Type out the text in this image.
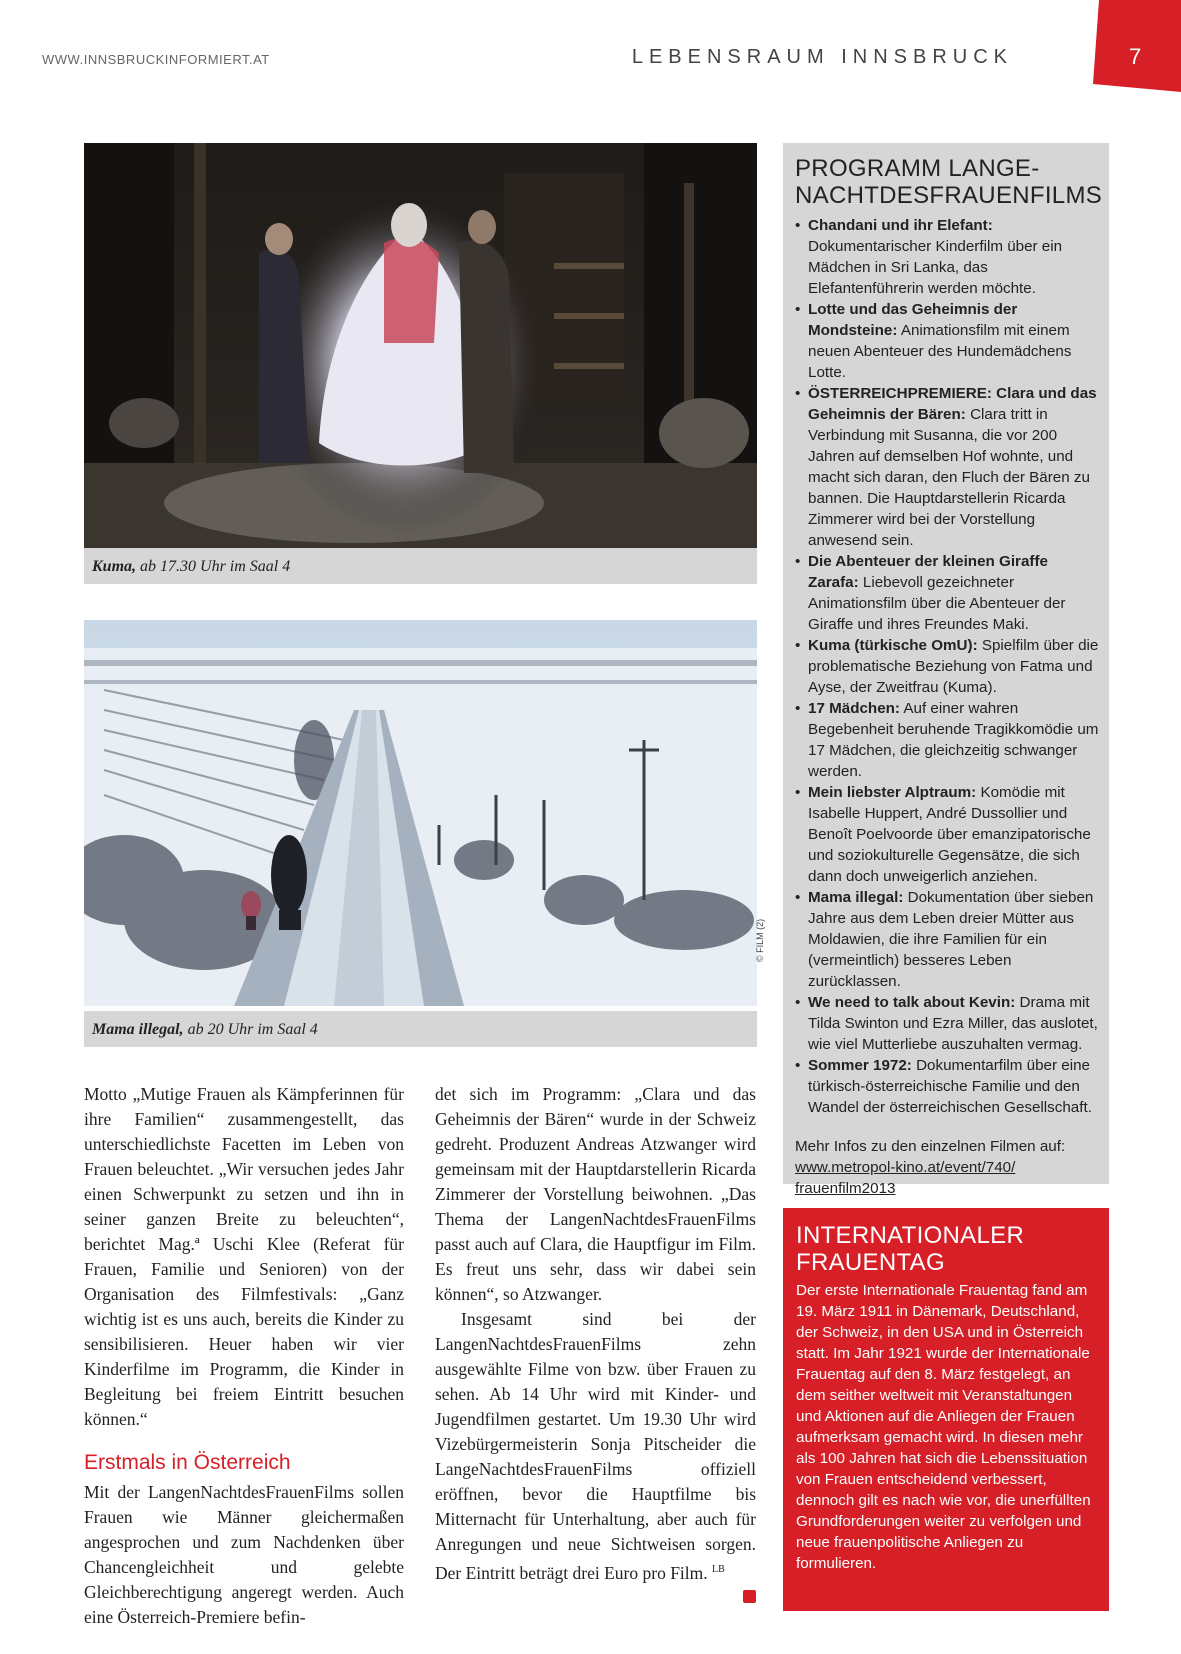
WWW.INNSBRUCKINFORMIERT.AT	LEBENSRAUM INNSBRUCK	7
Kuma, ab 17.30 Uhr im Saal 4
© FILM (2)
Mama illegal, ab 20 Uhr im Saal 4

Motto „Mutige Frauen als Kämpferinnen für ihre Familien“ zusammengestellt, das unterschiedlichste Facetten im Leben von Frauen beleuchtet. „Wir versuchen jedes Jahr einen Schwerpunkt zu setzen und ihn in seiner ganzen Breite zu beleuchten“, berichtet Mag.ª Uschi Klee (Referat für Frauen, Familie und Senioren) von der Organisation des Filmfestivals: „Ganz wichtig ist es uns auch, bereits die Kinder zu sensibilisieren. Heuer haben wir vier Kinderfilme im Programm, die Kinder in Begleitung bei freiem Eintritt besuchen können.“

Erstmals in Österreich

Mit der LangenNachtdesFrauenFilms sollen Frauen wie Männer gleichermaßen angesprochen und zum Nachdenken über Chancengleichheit und gelebte Gleichberechtigung angeregt werden. Auch eine Österreich-Premiere befin-

det sich im Programm: „Clara und das Geheimnis der Bären“ wurde in der Schweiz gedreht. Produzent Andreas Atzwanger wird gemeinsam mit der Hauptdarstellerin Ricarda Zimmerer der Vorstellung beiwohnen. „Das Thema der LangenNachtdesFrauenFilms passt auch auf Clara, die Hauptfigur im Film. Es freut uns sehr, dass wir dabei sein können“, so Atzwanger.

Insgesamt sind bei der LangenNachtdesFrauenFilms zehn ausgewählte Filme von bzw. über Frauen zu sehen. Ab 14 Uhr wird mit Kinder- und Jugendfilmen gestartet. Um 19.30 Uhr wird Vizebürgermeisterin Sonja Pitscheider die LangeNachtdesFrauenFilms offiziell eröffnen, bevor die Hauptfilme bis Mitternacht für Unterhaltung, aber auch für Anregungen und neue Sichtweisen sorgen. Der Eintritt beträgt drei Euro pro Film. $^{LB}$

PROGRAMM LANGE-
NACHTDESFRAUENFILMS
• Chandani und ihr Elefant: Dokumentarischer Kinderfilm über ein Mädchen in Sri Lanka, das Elefantenführerin werden möchte.
• Lotte und das Geheimnis der Mondsteine: Animationsfilm mit einem neuen Abenteuer des Hundemädchens Lotte.
• ÖSTERREICHPREMIERE: Clara und das Geheimnis der Bären: Clara tritt in Verbindung mit Susanna, die vor 200 Jahren auf demselben Hof wohnte, und macht sich daran, den Fluch der Bären zu bannen. Die Hauptdarstellerin Ricarda Zimmerer wird bei der Vorstellung anwesend sein.
• Die Abenteuer der kleinen Giraffe Zarafa: Liebevoll gezeichneter Animationsfilm über die Abenteuer der Giraffe und ihres Freundes Maki.
• Kuma (türkische OmU): Spielfilm über die problematische Beziehung von Fatma und Ayse, der Zweitfrau (Kuma).
• 17 Mädchen: Auf einer wahren Begebenheit beruhende Tragikkomödie um 17 Mädchen, die gleichzeitig schwanger werden.
• Mein liebster Alptraum: Komödie mit Isabelle Huppert, André Dussollier und Benoît Poelvoorde über emanzipatorische und soziokulturelle Gegensätze, die sich dann doch unweigerlich anziehen.
• Mama illegal: Dokumentation über sieben Jahre aus dem Leben dreier Mütter aus Moldawien, die ihre Familien für ein (vermeintlich) besseres Leben zurücklassen.
• We need to talk about Kevin: Drama mit Tilda Swinton und Ezra Miller, das auslotet, wie viel Mutterliebe auszuhalten vermag.
• Sommer 1972: Dokumentarfilm über eine türkisch-österreichische Familie und den Wandel der österreichischen Gesellschaft.
Mehr Infos zu den einzelnen Filmen auf:
www.metropol-kino.at/event/740/
frauenfilm2013
INTERNATIONALER
FRAUENTAG
Der erste Internationale Frauentag fand am 19. März 1911 in Dänemark, Deutschland, der Schweiz, in den USA und in Österreich statt. Im Jahr 1921 wurde der Internationale Frauentag auf den 8. März festgelegt, an dem seither weltweit mit Veranstaltungen und Aktionen auf die Anliegen der Frauen aufmerksam gemacht wird. In diesen mehr als 100 Jahren hat sich die Lebenssituation von Frauen entscheidend verbessert, dennoch gilt es nach wie vor, die unerfüllten Grundforderungen weiter zu verfolgen und neue frauenpolitische Anliegen zu formulieren.
